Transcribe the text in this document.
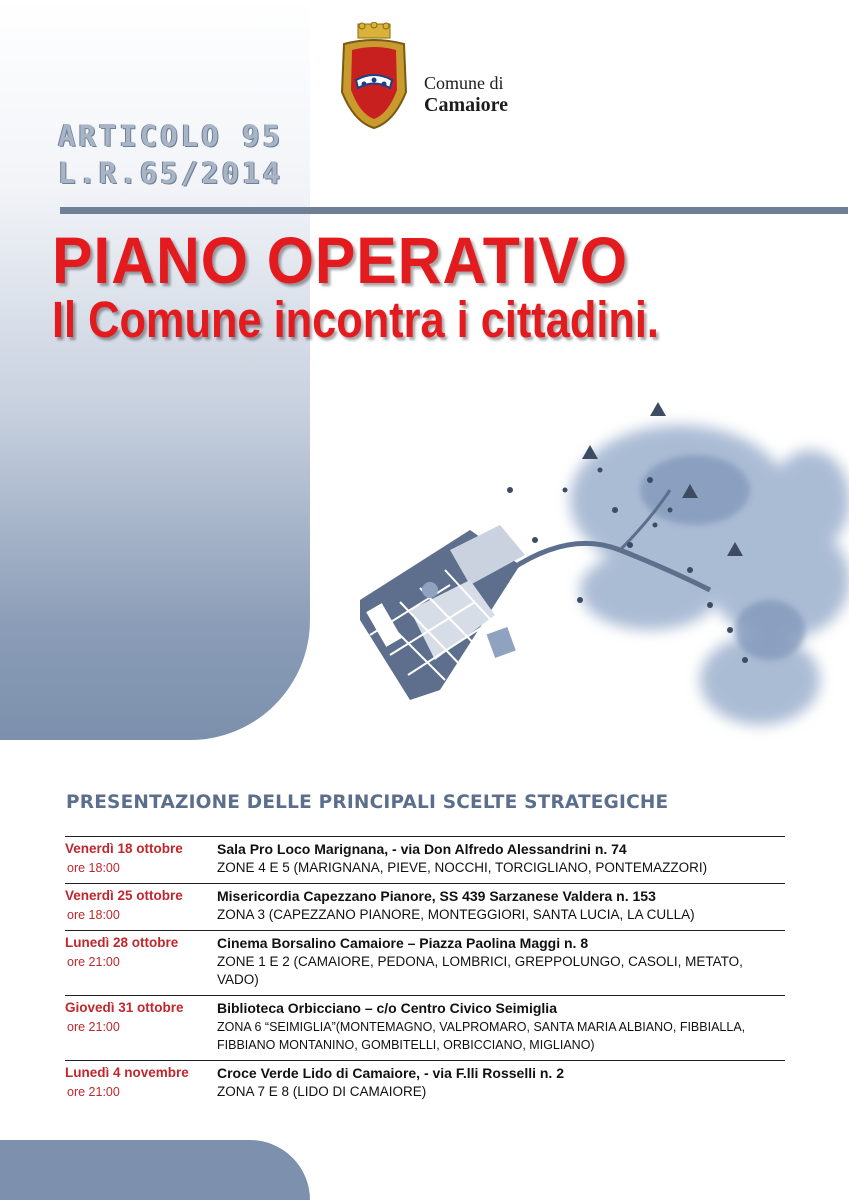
Comune di
Camaiore
ARTICOLO 95
L.R.65/2014
PIANO OPERATIVO
Il Comune incontra i cittadini.
PRESENTAZIONE DELLE PRINCIPALI SCELTE STRATEGICHE
Venerdì 18 ottobre	Sala Pro Loco Marignana, - via Don Alfredo Alessandrini n. 74
ore 18:00	ZONE 4 E 5 (MARIGNANA, PIEVE, NOCCHI, TORCIGLIANO, PONTEMAZZORI)
Venerdì 25 ottobre	Misericordia Capezzano Pianore, SS 439 Sarzanese Valdera n. 153
ore 18:00	ZONA 3 (CAPEZZANO PIANORE, MONTEGGIORI, SANTA LUCIA, LA CULLA)
Lunedì 28 ottobre	Cinema Borsalino Camaiore – Piazza Paolina Maggi n. 8
ore 21:00	ZONE 1 E 2 (CAMAIORE, PEDONA, LOMBRICI, GREPPOLUNGO, CASOLI, METATO, VADO)
Giovedì 31 ottobre	Biblioteca Orbicciano – c/o Centro Civico Seimiglia
ore 21:00	ZONA 6 “SEIMIGLIA”(MONTEMAGNO, VALPROMARO, SANTA MARIA ALBIANO, FIBBIALLA, FIBBIANO MONTANINO, GOMBITELLI, ORBICCIANO, MIGLIANO)
Lunedì 4 novembre	Croce Verde Lido di Camaiore, - via F.lli Rosselli n. 2
ore 21:00	ZONA 7 E 8 (LIDO DI CAMAIORE)
